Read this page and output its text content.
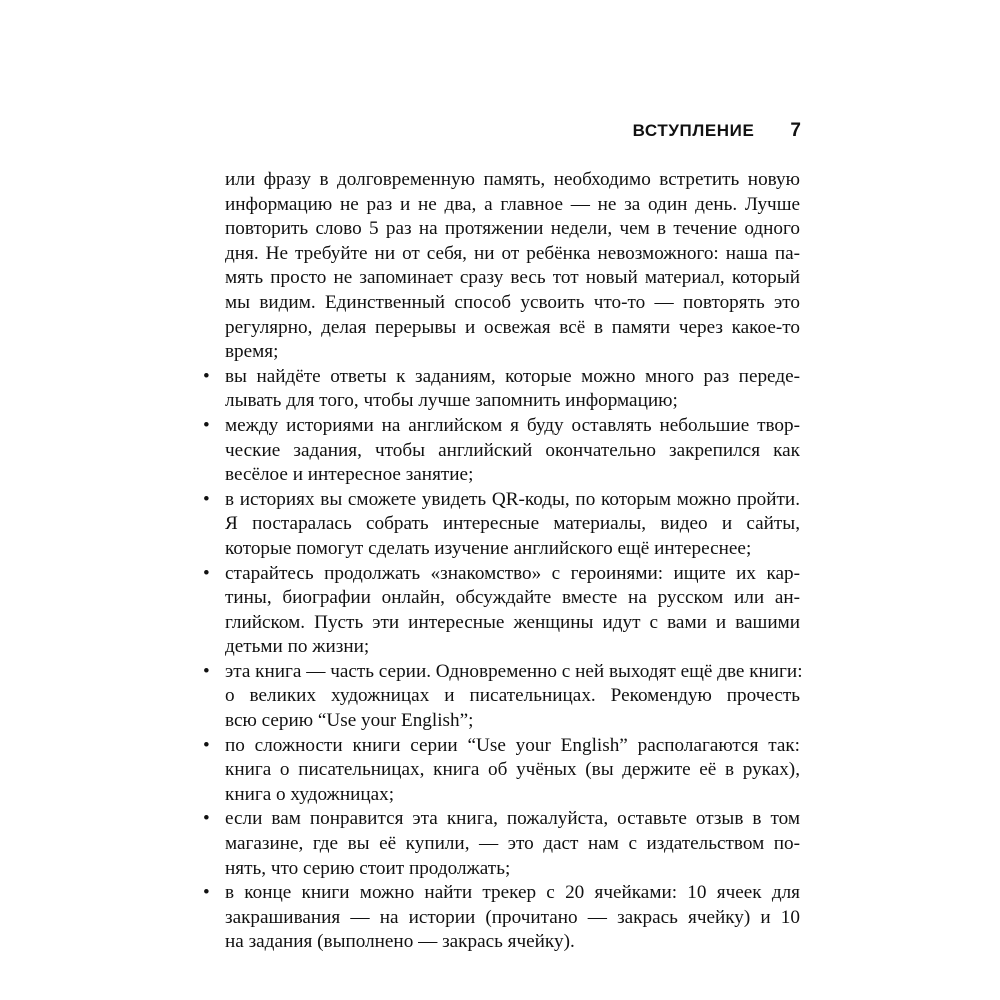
ВСТУПЛЕНИЕ 7
или фразу в долговременную память, необходимо встретить новую
информацию не раз и не два, а главное — не за один день. Лучше
повторить слово 5 раз на протяжении недели, чем в течение одного
дня. Не требуйте ни от себя, ни от ребёнка невозможного: наша па-
мять просто не запоминает сразу весь тот новый материал, который
мы видим. Единственный способ усвоить что-то — повторять это
регулярно, делая перерывы и освежая всё в памяти через какое-то
время;
• вы найдёте ответы к заданиям, которые можно много раз переде-
лывать для того, чтобы лучше запомнить информацию;
• между историями на английском я буду оставлять небольшие твор-
ческие задания, чтобы английский окончательно закрепился как
весёлое и интересное занятие;
• в историях вы сможете увидеть QR-коды, по которым можно пройти.
Я постаралась собрать интересные материалы, видео и сайты,
которые помогут сделать изучение английского ещё интереснее;
• старайтесь продолжать «знакомство» с героинями: ищите их кар-
тины, биографии онлайн, обсуждайте вместе на русском или ан-
глийском. Пусть эти интересные женщины идут с вами и вашими
детьми по жизни;
• эта книга — часть серии. Одновременно с ней выходят ещё две книги:
о великих художницах и писательницах. Рекомендую прочесть
всю серию “Use your English”;
• по сложности книги серии “Use your English” располагаются так:
книга о писательницах, книга об учёных (вы держите её в руках),
книга о художницах;
• если вам понравится эта книга, пожалуйста, оставьте отзыв в том
магазине, где вы её купили, — это даст нам с издательством по-
нять, что серию стоит продолжать;
• в конце книги можно найти трекер с 20 ячейками: 10 ячеек для
закрашивания — на истории (прочитано — закрась ячейку) и 10
на задания (выполнено — закрась ячейку).
